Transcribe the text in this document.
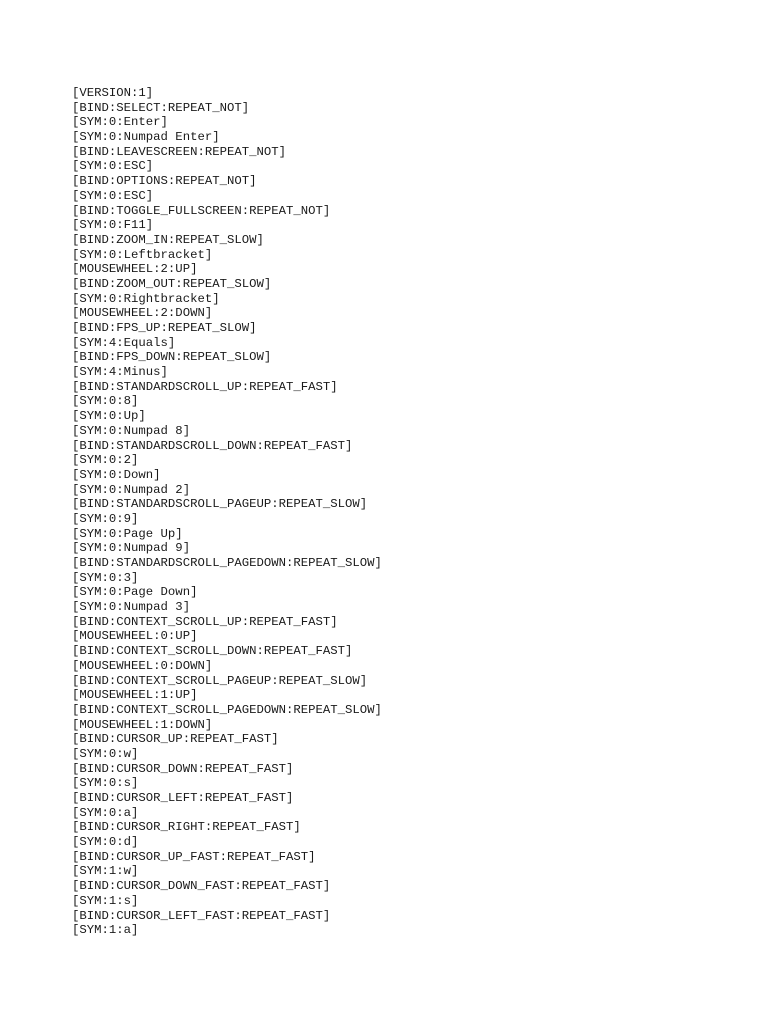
[VERSION:1]
[BIND:SELECT:REPEAT_NOT]
[SYM:0:Enter]
[SYM:0:Numpad Enter]
[BIND:LEAVESCREEN:REPEAT_NOT]
[SYM:0:ESC]
[BIND:OPTIONS:REPEAT_NOT]
[SYM:0:ESC]
[BIND:TOGGLE_FULLSCREEN:REPEAT_NOT]
[SYM:0:F11]
[BIND:ZOOM_IN:REPEAT_SLOW]
[SYM:0:Leftbracket]
[MOUSEWHEEL:2:UP]
[BIND:ZOOM_OUT:REPEAT_SLOW]
[SYM:0:Rightbracket]
[MOUSEWHEEL:2:DOWN]
[BIND:FPS_UP:REPEAT_SLOW]
[SYM:4:Equals]
[BIND:FPS_DOWN:REPEAT_SLOW]
[SYM:4:Minus]
[BIND:STANDARDSCROLL_UP:REPEAT_FAST]
[SYM:0:8]
[SYM:0:Up]
[SYM:0:Numpad 8]
[BIND:STANDARDSCROLL_DOWN:REPEAT_FAST]
[SYM:0:2]
[SYM:0:Down]
[SYM:0:Numpad 2]
[BIND:STANDARDSCROLL_PAGEUP:REPEAT_SLOW]
[SYM:0:9]
[SYM:0:Page Up]
[SYM:0:Numpad 9]
[BIND:STANDARDSCROLL_PAGEDOWN:REPEAT_SLOW]
[SYM:0:3]
[SYM:0:Page Down]
[SYM:0:Numpad 3]
[BIND:CONTEXT_SCROLL_UP:REPEAT_FAST]
[MOUSEWHEEL:0:UP]
[BIND:CONTEXT_SCROLL_DOWN:REPEAT_FAST]
[MOUSEWHEEL:0:DOWN]
[BIND:CONTEXT_SCROLL_PAGEUP:REPEAT_SLOW]
[MOUSEWHEEL:1:UP]
[BIND:CONTEXT_SCROLL_PAGEDOWN:REPEAT_SLOW]
[MOUSEWHEEL:1:DOWN]
[BIND:CURSOR_UP:REPEAT_FAST]
[SYM:0:w]
[BIND:CURSOR_DOWN:REPEAT_FAST]
[SYM:0:s]
[BIND:CURSOR_LEFT:REPEAT_FAST]
[SYM:0:a]
[BIND:CURSOR_RIGHT:REPEAT_FAST]
[SYM:0:d]
[BIND:CURSOR_UP_FAST:REPEAT_FAST]
[SYM:1:w]
[BIND:CURSOR_DOWN_FAST:REPEAT_FAST]
[SYM:1:s]
[BIND:CURSOR_LEFT_FAST:REPEAT_FAST]
[SYM:1:a]
